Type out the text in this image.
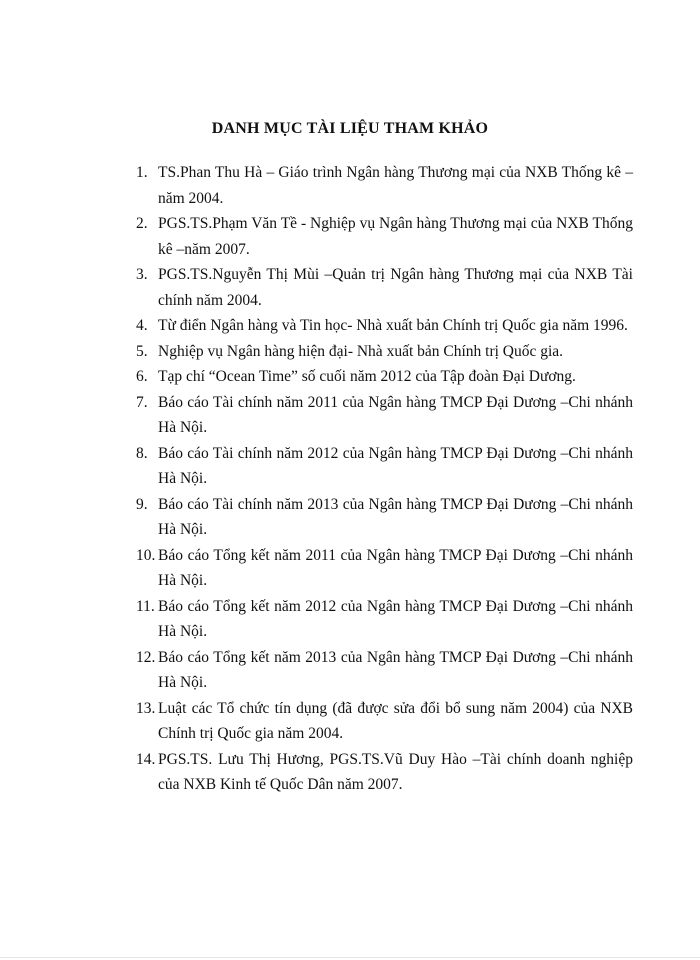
DANH MỤC TÀI LIỆU THAM KHẢO
1. TS.Phan Thu Hà – Giáo trình Ngân hàng Thương mại của NXB Thống kê –năm 2004.
2. PGS.TS.Phạm Văn Tề - Nghiệp vụ Ngân hàng Thương mại của NXB Thống kê –năm 2007.
3. PGS.TS.Nguyễn Thị Mùi –Quản trị Ngân hàng Thương mại của NXB Tài chính năm 2004.
4. Từ điển Ngân hàng và Tin học- Nhà xuất bản Chính trị Quốc gia năm 1996.
5. Nghiệp vụ Ngân hàng hiện đại- Nhà xuất bản Chính trị Quốc gia.
6. Tạp chí “Ocean Time” số cuối năm 2012 của Tập đoàn Đại Dương.
7. Báo cáo Tài chính năm 2011 của Ngân hàng TMCP Đại Dương –Chi nhánh Hà Nội.
8. Báo cáo Tài chính năm 2012 của Ngân hàng TMCP Đại Dương –Chi nhánh Hà Nội.
9. Báo cáo Tài chính năm 2013 của Ngân hàng TMCP Đại Dương –Chi nhánh Hà Nội.
10. Báo cáo Tổng kết năm 2011 của Ngân hàng TMCP Đại Dương –Chi nhánh Hà Nội.
11. Báo cáo Tổng kết năm 2012 của Ngân hàng TMCP Đại Dương –Chi nhánh Hà Nội.
12. Báo cáo Tổng kết năm 2013 của Ngân hàng TMCP Đại Dương –Chi nhánh Hà Nội.
13. Luật các Tổ chức tín dụng (đã được sửa đổi bổ sung năm 2004) của NXB Chính trị Quốc gia năm 2004.
14. PGS.TS. Lưu Thị Hương, PGS.TS.Vũ Duy Hào –Tài chính doanh nghiệp của NXB Kinh tế Quốc Dân năm 2007.
